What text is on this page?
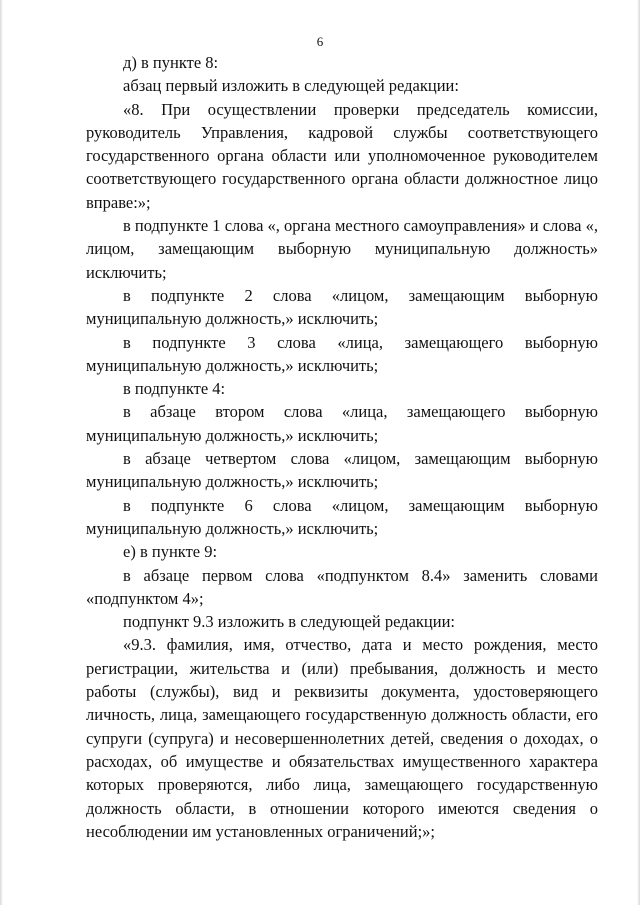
6

д) в пункте 8:

абзац первый изложить в следующей редакции:

«8. При осуществлении проверки председатель комиссии, руководитель Управления, кадровой службы соответствующего государственного органа области или уполномоченное руководителем соответствующего государственного органа области должностное лицо вправе:»;

в подпункте 1 слова «, органа местного самоуправления» и слова «, лицом, замещающим выборную муниципальную должность» исключить;

в подпункте 2 слова «лицом, замещающим выборную муниципальную должность,» исключить;

в подпункте 3 слова «лица, замещающего выборную муниципальную должность,» исключить;

в подпункте 4:

в абзаце втором слова «лица, замещающего выборную муниципальную должность,» исключить;

в абзаце четвертом слова «лицом, замещающим выборную муниципальную должность,» исключить;

в подпункте 6 слова «лицом, замещающим выборную муниципальную должность,» исключить;

е) в пункте 9:

в абзаце первом слова «подпунктом 8.4» заменить словами «подпунктом 4»;

подпункт 9.3 изложить в следующей редакции:

«9.3. фамилия, имя, отчество, дата и место рождения, место регистрации, жительства и (или) пребывания, должность и место работы (службы), вид и реквизиты документа, удостоверяющего личность, лица, замещающего государственную должность области, его супруги (супруга) и несовершеннолетних детей, сведения о доходах, о расходах, об имуществе и обязательствах имущественного характера которых проверяются, либо лица, замещающего государственную должность области, в отношении которого имеются сведения о несоблюдении им установленных ограничений;»;
